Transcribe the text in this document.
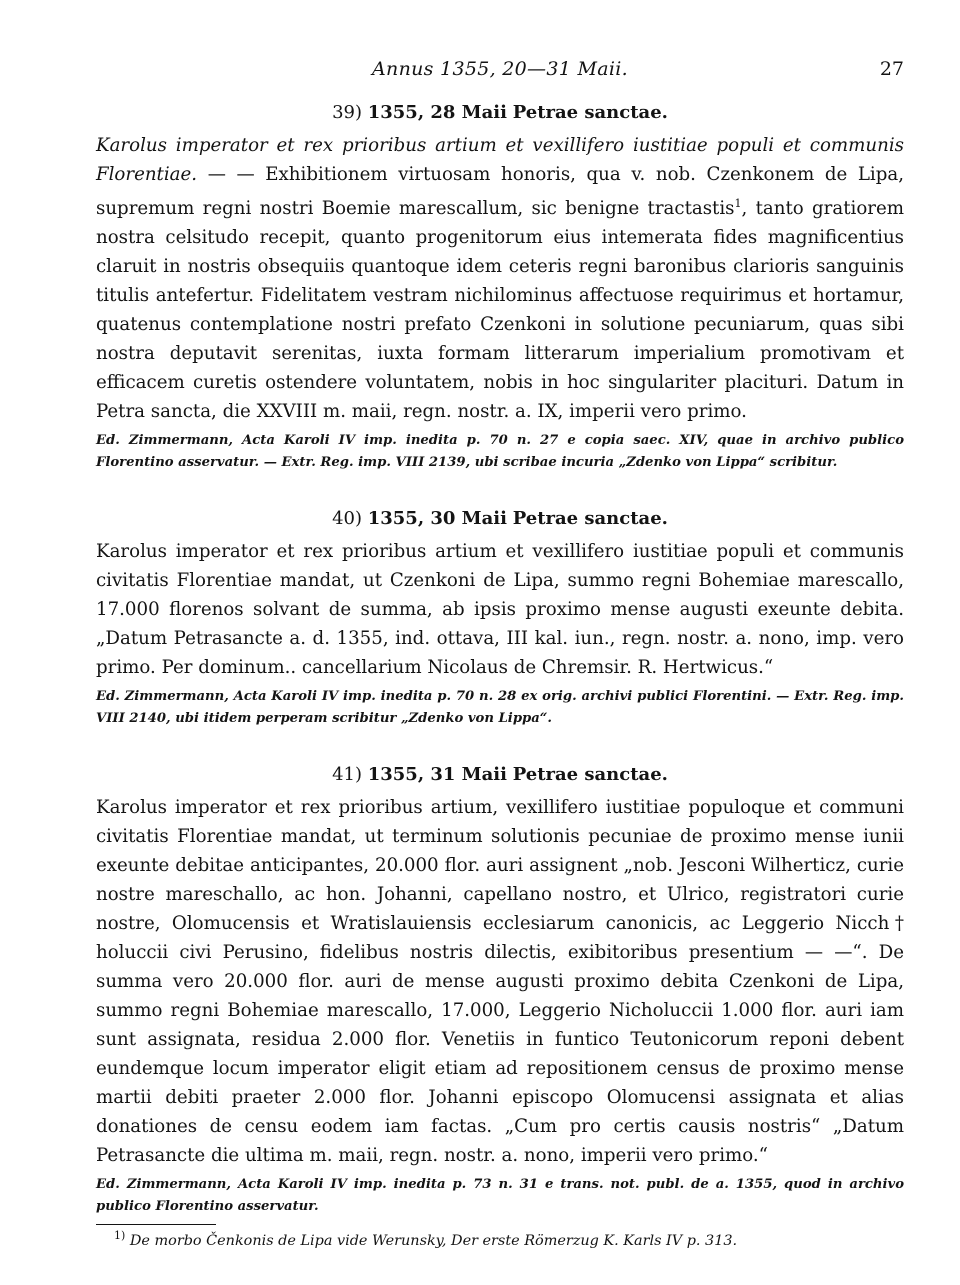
Annus 1355, 20—31 Maii.	27
39) 1355, 28 Maii Petrae sanctae.

Karolus imperator et rex prioribus artium et vexillifero iustitiae populi et communis Florentiae. — — Exhibitionem virtuosam honoris, qua v. nob. Czenkonem de Lipa, supremum regni nostri Boemie marescallum, sic benigne tractastis$^1$, tanto gratiorem nostra celsitudo recepit, quanto progenitorum eius intemerata fides magnificentius claruit in nostris obsequiis quantoque idem ceteris regni baronibus clarioris sanguinis titulis antefertur. Fidelitatem vestram nichilominus affectuose requirimus et hortamur, quatenus contemplatione nostri prefato Czenkoni in solutione pecuniarum, quas sibi nostra deputavit serenitas, iuxta formam litterarum imperialium promotivam et efficacem curetis ostendere voluntatem, nobis in hoc singulariter placituri. Datum in Petra sancta, die XXVIII m. maii, regn. nostr. a. IX, imperii vero primo.

Ed. Zimmermann, Acta Karoli IV imp. inedita p. 70 n. 27 e copia saec. XIV, quae in archivo publico Florentino asservatur. — Extr. Reg. imp. VIII 2139, ubi scribae incuria „Zdenko von Lippa“ scribitur.

40) 1355, 30 Maii Petrae sanctae.

Karolus imperator et rex prioribus artium et vexillifero iustitiae populi et communis civitatis Florentiae mandat, ut Czenkoni de Lipa, summo regni Bohemiae marescallo, 17.000 florenos solvant de summa, ab ipsis proximo mense augusti exeunte debita. „Datum Petrasancte a. d. 1355, ind. ottava, III kal. iun., regn. nostr. a. nono, imp. vero primo. Per dominum.. cancellarium Nicolaus de Chremsir. R. Hertwicus.“

Ed. Zimmermann, Acta Karoli IV imp. inedita p. 70 n. 28 ex orig. archivi publici Florentini. — Extr. Reg. imp. VIII 2140, ubi itidem perperam scribitur „Zdenko von Lippa“.

41) 1355, 31 Maii Petrae sanctae.

Karolus imperator et rex prioribus artium, vexillifero iustitiae populoque et communi civitatis Florentiae mandat, ut terminum solutionis pecuniae de proximo mense iunii exeunte debitae anticipantes, 20.000 flor. auri assignent „nob. Jesconi Wilherticz, curie nostre mareschallo, ac hon. Johanni, capellano nostro, et Ulrico, registratori curie nostre, Olomucensis et Wratislauiensis ecclesiarum canonicis, ac Leggerio Nicch† holuccii civi Perusino, fidelibus nostris dilectis, exibitoribus presentium — —“. De summa vero 20.000 flor. auri de mense augusti proximo debita Czenkoni de Lipa, summo regni Bohemiae marescallo, 17.000, Leggerio Nicholuccii 1.000 flor. auri iam sunt assignata, residua 2.000 flor. Venetiis in funtico Teutonicorum reponi debent eundemque locum imperator eligit etiam ad repositionem census de proximo mense martii debiti praeter 2.000 flor. Johanni episcopo Olomucensi assignata et alias donationes de censu eodem iam factas. „Cum pro certis causis nostris“ „Datum Petrasancte die ultima m. maii, regn. nostr. a. nono, imperii vero primo.“

Ed. Zimmermann, Acta Karoli IV imp. inedita p. 73 n. 31 e trans. not. publ. de a. 1355, quod in archivo publico Florentino asservatur.

$^{1)}$ De morbo Čenkonis de Lipa vide Werunsky, Der erste Römerzug K. Karls IV p. 313.
